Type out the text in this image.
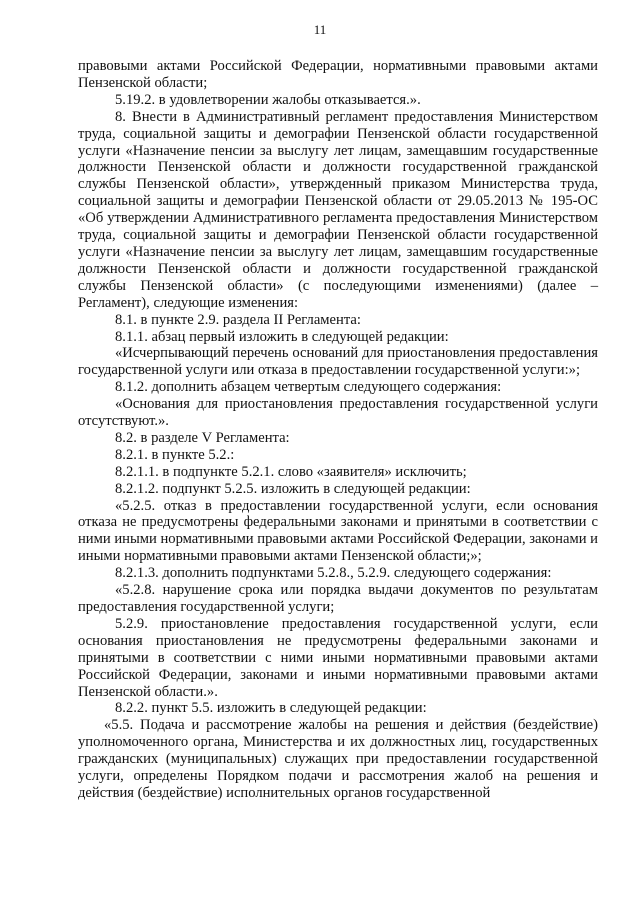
11

правовыми актами Российской Федерации, нормативными правовыми актами Пензенской области;

5.19.2. в удовлетворении жалобы отказывается.».

8. Внести в Административный регламент предоставления Министерством труда, социальной защиты и демографии Пензенской области государственной услуги «Назначение пенсии за выслугу лет лицам, замещавшим государственные должности Пензенской области и должности государственной гражданской службы Пензенской области», утвержденный приказом Министерства труда, социальной защиты и демографии Пензенской области от 29.05.2013 № 195-ОС «Об утверждении Административного регламента предоставления Министерством труда, социальной защиты и демографии Пензенской области государственной услуги «Назначение пенсии за выслугу лет лицам, замещавшим государственные должности Пензенской области и должности государственной гражданской службы Пензенской области» (с последующими изменениями) (далее – Регламент), следующие изменения:

8.1. в пункте 2.9. раздела II Регламента:

8.1.1. абзац первый изложить в следующей редакции:

«Исчерпывающий перечень оснований для приостановления предоставления государственной услуги или отказа в предоставлении государственной услуги:»;

8.1.2. дополнить абзацем четвертым следующего содержания:

«Основания для приостановления предоставления государственной услуги отсутствуют.».

8.2. в разделе V Регламента:

8.2.1. в пункте 5.2.:

8.2.1.1. в подпункте 5.2.1. слово «заявителя» исключить;

8.2.1.2. подпункт 5.2.5. изложить в следующей редакции:

«5.2.5. отказ в предоставлении государственной услуги, если основания отказа не предусмотрены федеральными законами и принятыми в соответствии с ними иными нормативными правовыми актами Российской Федерации, законами и иными нормативными правовыми актами Пензенской области;»;

8.2.1.3. дополнить подпунктами 5.2.8., 5.2.9. следующего содержания:

«5.2.8. нарушение срока или порядка выдачи документов по результатам предоставления государственной услуги;

5.2.9. приостановление предоставления государственной услуги, если основания приостановления не предусмотрены федеральными законами и принятыми в соответствии с ними иными нормативными правовыми актами Российской Федерации, законами и иными нормативными правовыми актами Пензенской области.».

8.2.2. пункт 5.5. изложить в следующей редакции:

«5.5. Подача и рассмотрение жалобы на решения и действия (бездействие) уполномоченного органа, Министерства и их должностных лиц, государственных гражданских (муниципальных) служащих при предоставлении государственной услуги, определены Порядком подачи и рассмотрения жалоб на решения и действия (бездействие) исполнительных органов государственной
